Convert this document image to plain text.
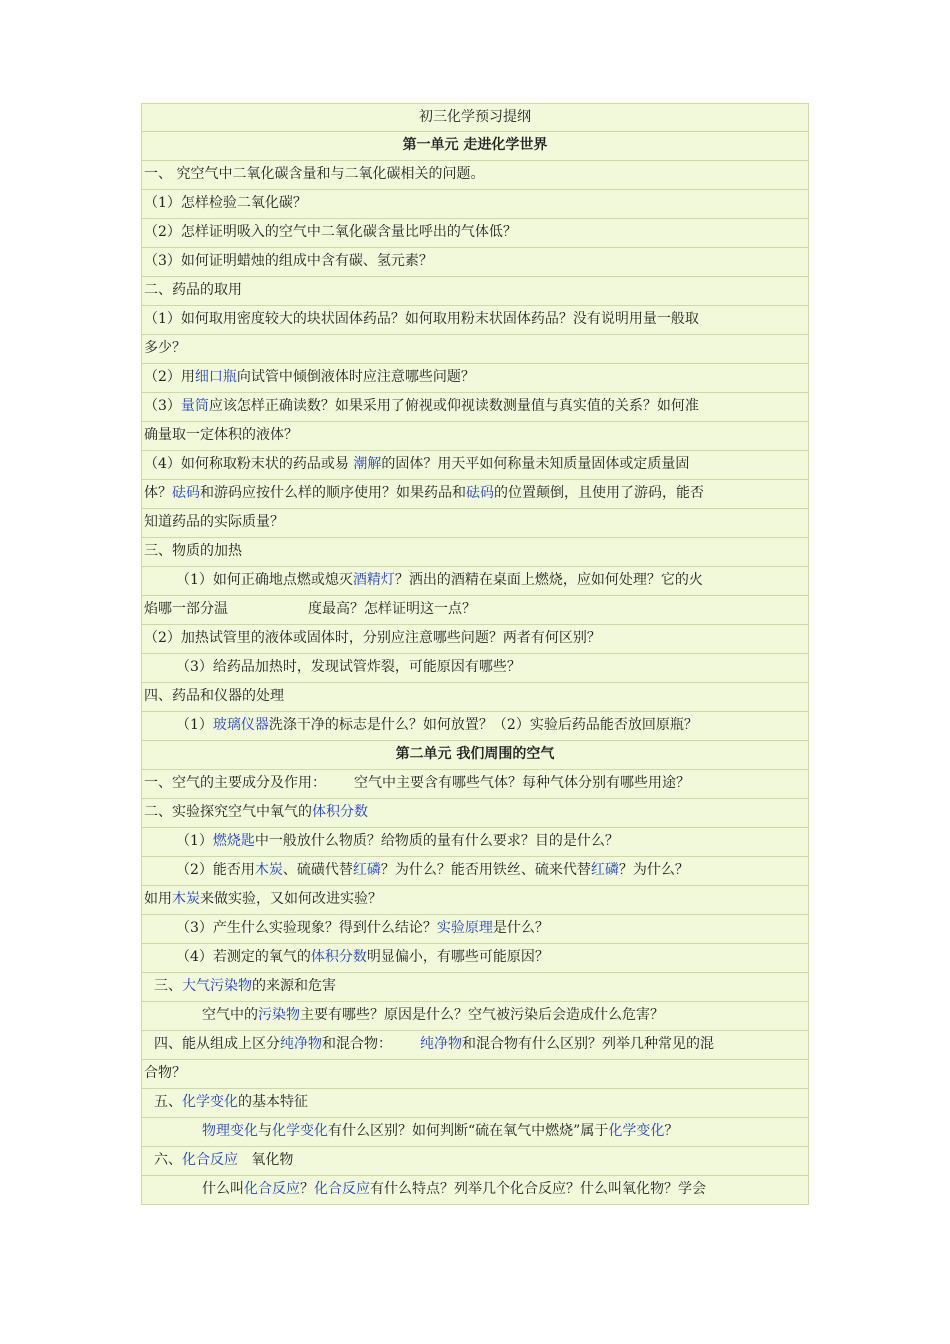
初三化学预习提纲
第一单元 走进化学世界
一、 究空气中二氧化碳含量和与二氧化碳相关的问题。
（1）怎样检验二氧化碳？
（2）怎样证明吸入的空气中二氧化碳含量比呼出的气体低？
（3）如何证明蜡烛的组成中含有碳、氢元素？
二、药品的取用
（1）如何取用密度较大的块状固体药品？如何取用粉末状固体药品？没有说明用量一般取
多少？
（2）用细口瓶向试管中倾倒液体时应注意哪些问题？
（3）量筒应该怎样正确读数？如果采用了俯视或仰视读数测量值与真实值的关系？如何准
确量取一定体积的液体？
（4）如何称取粉末状的药品或易 潮解的固体？用天平如何称量未知质量固体或定质量固
体？砝码和游码应按什么样的顺序使用？如果药品和砝码的位置颠倒，且使用了游码，能否
知道药品的实际质量？
三、物质的加热
（1）如何正确地点燃或熄灭酒精灯？洒出的酒精在桌面上燃烧，应如何处理？它的火
焰哪一部分温	度最高？怎样证明这一点？
（2）加热试管里的液体或固体时，分别应注意哪些问题？两者有何区别？
（3）给药品加热时，发现试管炸裂，可能原因有哪些？
四、药品和仪器的处理
（1）玻璃仪器洗涤干净的标志是什么？如何放置？（2）实验后药品能否放回原瓶？
第二单元 我们周围的空气
一、空气的主要成分及作用： 空气中主要含有哪些气体？每种气体分别有哪些用途？
二、实验探究空气中氧气的体积分数
（1）燃烧匙中一般放什么物质？给物质的量有什么要求？目的是什么？
（2）能否用木炭、硫磺代替红磷？为什么？能否用铁丝、硫来代替红磷？为什么？
如用木炭来做实验，又如何改进实验？
（3）产生什么实验现象？得到什么结论？实验原理是什么？
（4）若测定的氧气的体积分数明显偏小，有哪些可能原因？
三、大气污染物的来源和危害
空气中的污染物主要有哪些？原因是什么？空气被污染后会造成什么危害？
四、能从组成上区分纯净物和混合物： 纯净物和混合物有什么区别？列举几种常见的混
合物？
五、化学变化的基本特征
物理变化与化学变化有什么区别？如何判断“硫在氧气中燃烧”属于化学变化？
六、化合反应   氧化物
什么叫化合反应？化合反应有什么特点？列举几个化合反应？什么叫氧化物？学会
